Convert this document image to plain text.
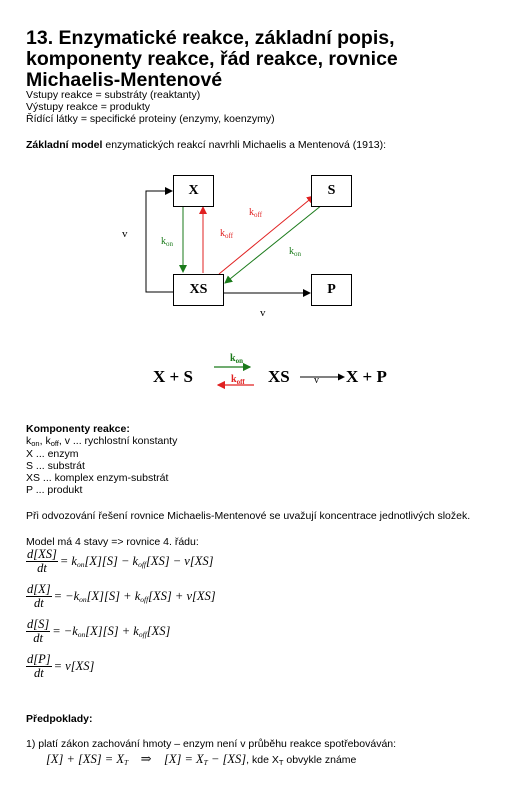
13. Enzymatické reakce, základní popis, komponenty reakce, řád reakce, rovnice Michaelis-Mentenové
Vstupy reakce = substráty (reaktanty)
Výstupy reakce = produkty
Řídící látky = specifické proteiny (enzymy, koenzymy)
Základní model enzymatických reakcí navrhli Michaelis a Mentenová (1913):
v
v
$k_{on}$
$k_{off}$
$k_{off}$
$k_{on}$
X	S
XS	P
X + S
$k_{on}$
$k_{off}$ XS v X + P
Komponenty reakce:
$k_{on}$, $k_{off}$, v ... rychlostní konstanty
X ... enzym
S ... substrát
XS ... komplex enzym-substrát
P ... produkt
Při odvozování řešení rovnice Michaelis-Mentenové se uvažují koncentrace jednotlivých složek.
Model má 4 stavy => rovnice 4. řádu:
$\frac{d[XS]}{dt} = k_{on}[X][S] - k_{off}[XS] - v[XS]$
$\frac{d[X]}{dt} = -k_{on}[X][S] + k_{off}[XS] + v[XS]$
$\frac{d[S]}{dt} = -k_{on}[X][S] + k_{off}[XS]$
$\frac{d[P]}{dt} = v[XS]$
Předpoklady:
1) platí zákon zachování hmoty – enzym není v průběhu reakce spotřebováván:
$[X] + [XS] = X_T$ ⇒ $[X] = X_T - [XS]$, kde $X_T$ obvykle známe
